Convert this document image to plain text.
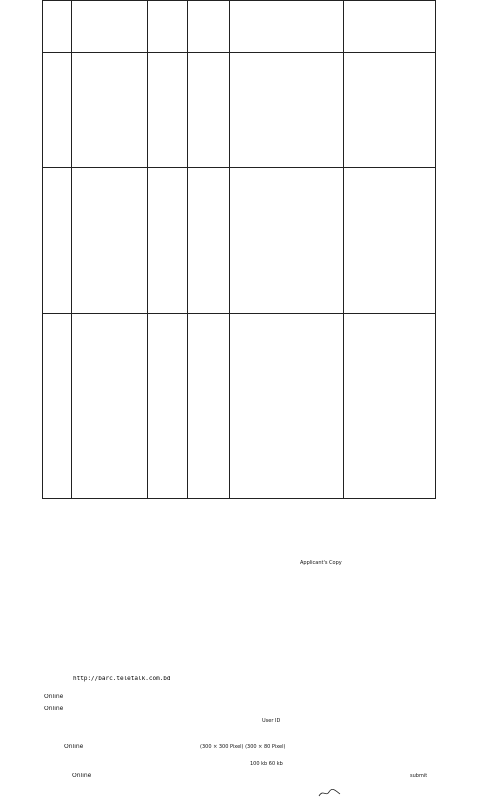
Applicant's Copy
http://barc.teletalk.com.bd
Online
Online
User ID
Online	(300 × 300 Pixel) (300 × 80 Pixel)
100 kb 60 kb
Online	submit
